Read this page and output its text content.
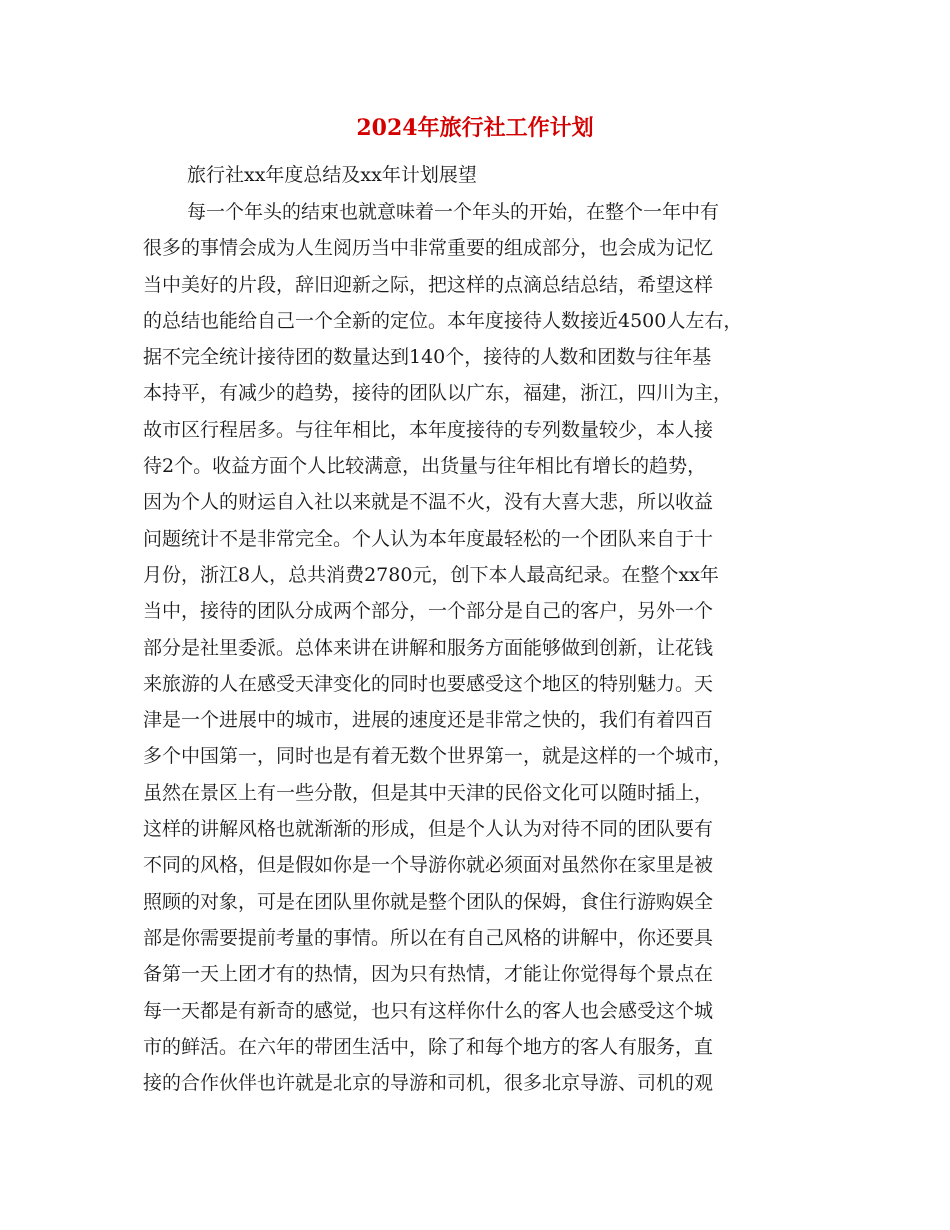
2024年旅行社工作计划
旅行社xx年度总结及xx年计划展望
每一个年头的结束也就意味着一个年头的开始，在整个一年中有
很多的事情会成为人生阅历当中非常重要的组成部分，也会成为记忆
当中美好的片段，辞旧迎新之际，把这样的点滴总结总结，希望这样
的总结也能给自己一个全新的定位。本年度接待人数接近4500人左右，
据不完全统计接待团的数量达到140个，接待的人数和团数与往年基
本持平，有减少的趋势，接待的团队以广东，福建，浙江，四川为主，
故市区行程居多。与往年相比，本年度接待的专列数量较少，本人接
待2个。收益方面个人比较满意，出货量与往年相比有增长的趋势，
因为个人的财运自入社以来就是不温不火，没有大喜大悲，所以收益
问题统计不是非常完全。个人认为本年度最轻松的一个团队来自于十
月份，浙江8人，总共消费2780元，创下本人最高纪录。在整个xx年
当中，接待的团队分成两个部分，一个部分是自己的客户，另外一个
部分是社里委派。总体来讲在讲解和服务方面能够做到创新，让花钱
来旅游的人在感受天津变化的同时也要感受这个地区的特别魅力。天
津是一个进展中的城市，进展的速度还是非常之快的，我们有着四百
多个中国第一，同时也是有着无数个世界第一，就是这样的一个城市，
虽然在景区上有一些分散，但是其中天津的民俗文化可以随时插上，
这样的讲解风格也就渐渐的形成，但是个人认为对待不同的团队要有
不同的风格，但是假如你是一个导游你就必须面对虽然你在家里是被
照顾的对象，可是在团队里你就是整个团队的保姆，食住行游购娱全
部是你需要提前考量的事情。所以在有自己风格的讲解中，你还要具
备第一天上团才有的热情，因为只有热情，才能让你觉得每个景点在
每一天都是有新奇的感觉，也只有这样你什么的客人也会感受这个城
市的鲜活。在六年的带团生活中，除了和每个地方的客人有服务，直
接的合作伙伴也许就是北京的导游和司机，很多北京导游、司机的观
